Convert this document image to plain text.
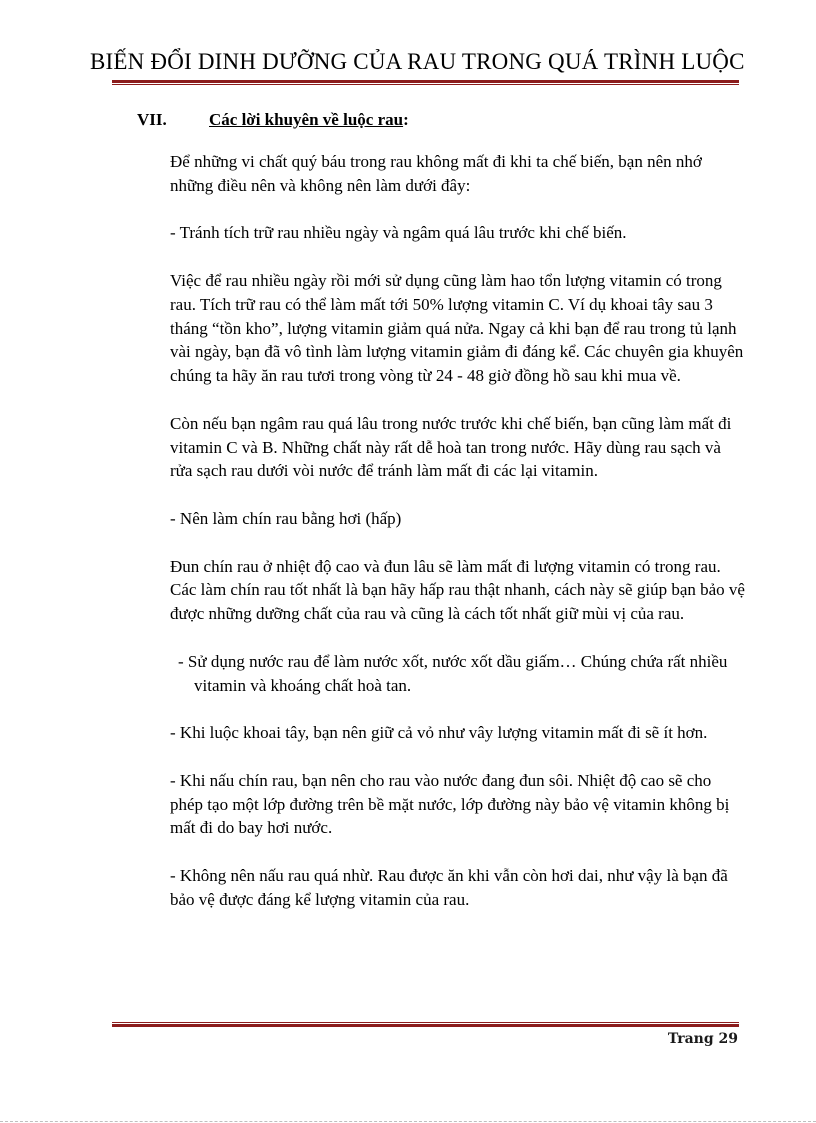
BIẾN ĐỔI DINH DƯỠNG CỦA RAU TRONG QUÁ TRÌNH LUỘC
VII. Các lời khuyên về luộc rau:

Để những vi chất quý báu trong rau không mất đi khi ta chế biến, bạn nên nhớ những điều nên và không nên làm dưới đây:

- Tránh tích trữ rau nhiều ngày và ngâm quá lâu trước khi chế biến.

Việc để rau nhiều ngày rồi mới sử dụng cũng làm hao tổn lượng vitamin có trong rau. Tích trữ rau có thể làm mất tới 50% lượng vitamin C. Ví dụ khoai tây sau 3 tháng “tồn kho”, lượng vitamin giảm quá nửa. Ngay cả khi bạn để rau trong tủ lạnh vài ngày, bạn đã vô tình làm lượng vitamin giảm đi đáng kể. Các chuyên gia khuyên chúng ta hãy ăn rau tươi trong vòng từ 24 - 48 giờ đồng hồ sau khi mua về.

Còn nếu bạn ngâm rau quá lâu trong nước trước khi chế biến, bạn cũng làm mất đi vitamin C và B. Những chất này rất dễ hoà tan trong nước. Hãy dùng rau sạch và rửa sạch rau dưới vòi nước để tránh làm mất đi các lại vitamin.

- Nên làm chín rau bằng hơi (hấp)

Đun chín rau ở nhiệt độ cao và đun lâu sẽ làm mất đi lượng vitamin có trong rau. Các làm chín rau tốt nhất là bạn hãy hấp rau thật nhanh, cách này sẽ giúp bạn bảo vệ được những dưỡng chất của rau và cũng là cách tốt nhất giữ mùi vị của rau.

- Sử dụng nước rau để làm nước xốt, nước xốt dầu giấm… Chúng chứa rất nhiều vitamin và khoáng chất hoà tan.

- Khi luộc khoai tây, bạn nên giữ cả vỏ như vây lượng vitamin mất đi sẽ ít hơn.

- Khi nấu chín rau, bạn nên cho rau vào nước đang đun sôi. Nhiệt độ cao sẽ cho phép tạo một lớp đường trên bề mặt nước, lớp đường này bảo vệ vitamin không bị mất đi do bay hơi nước.

- Không nên nấu rau quá nhừ. Rau được ăn khi vẫn còn hơi dai, như vậy là bạn đã bảo vệ được đáng kể lượng vitamin của rau.

Trang 29
